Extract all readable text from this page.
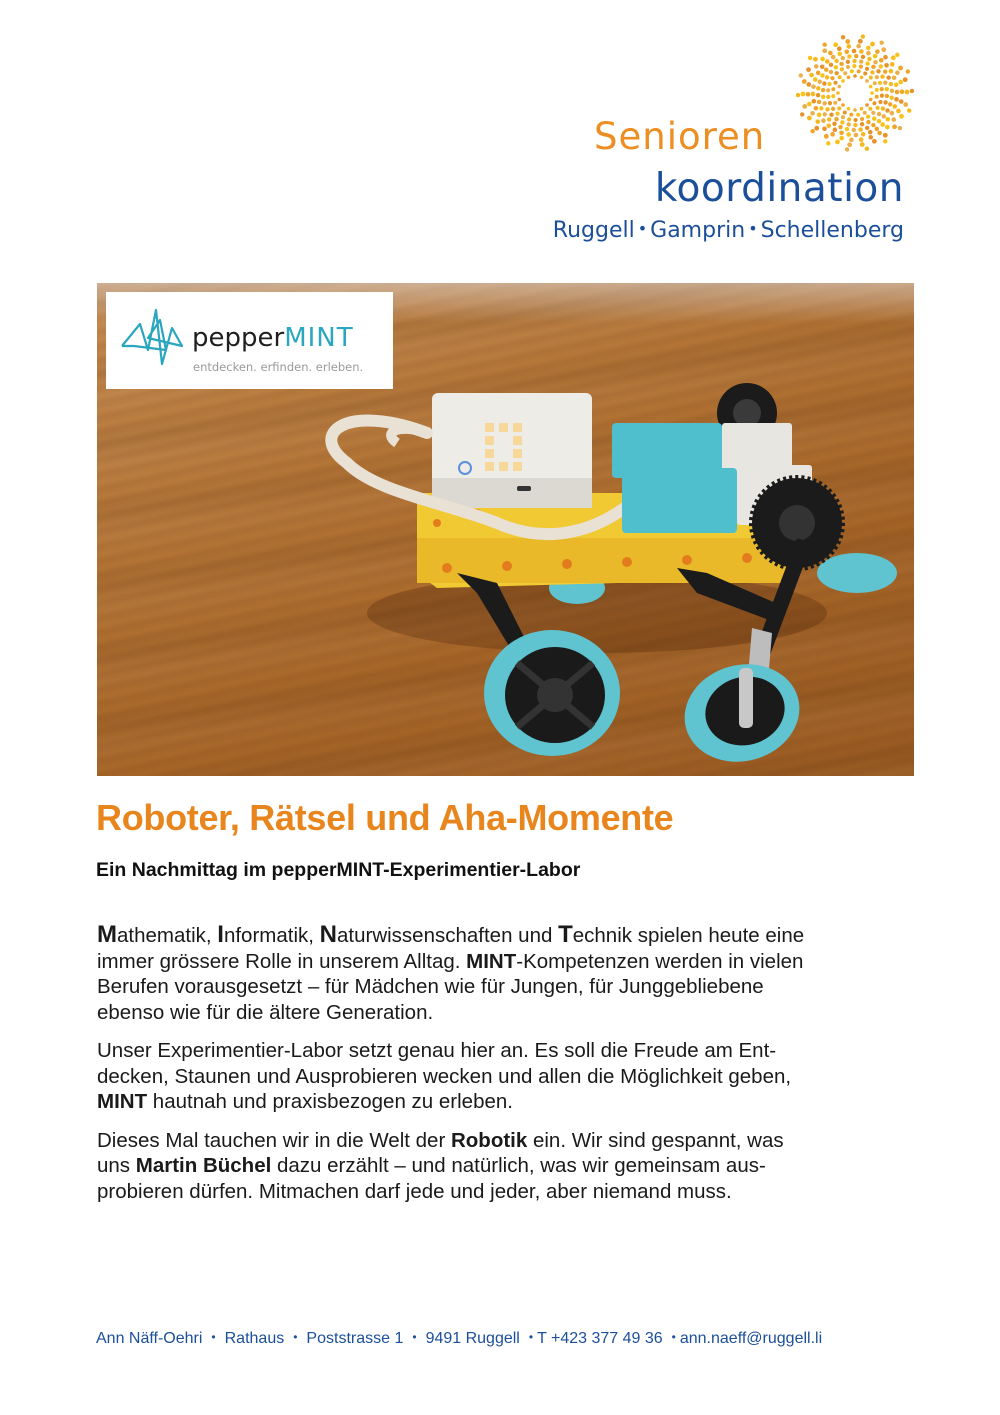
Senioren
koordination
Ruggell • Gamprin • Schellenberg
pepperMINT
entdecken. erfinden. erleben.
Roboter, Rätsel und Aha-Momente
Ein Nachmittag im pepperMINT-Experimentier-Labor

Mathematik, Informatik, Naturwissenschaften und Technik spielen heute eine
immer grössere Rolle in unserem Alltag. MINT-Kompetenzen werden in vielen
Berufen vorausgesetzt – für Mädchen wie für Jungen, für Junggebliebene
ebenso wie für die ältere Generation.

Unser Experimentier-Labor setzt genau hier an. Es soll die Freude am Ent-
decken, Staunen und Ausprobieren wecken und allen die Möglichkeit geben,
MINT hautnah und praxisbezogen zu erleben.

Dieses Mal tauchen wir in die Welt der Robotik ein. Wir sind gespannt, was
uns Martin Büchel dazu erzählt – und natürlich, was wir gemeinsam aus-
probieren dürfen. Mitmachen darf jede und jeder, aber niemand muss.

Ann Näff-Oehri • Rathaus • Poststrasse 1 • 9491 Ruggell • T +423 377 49 36 • ann.naeff@ruggell.li
